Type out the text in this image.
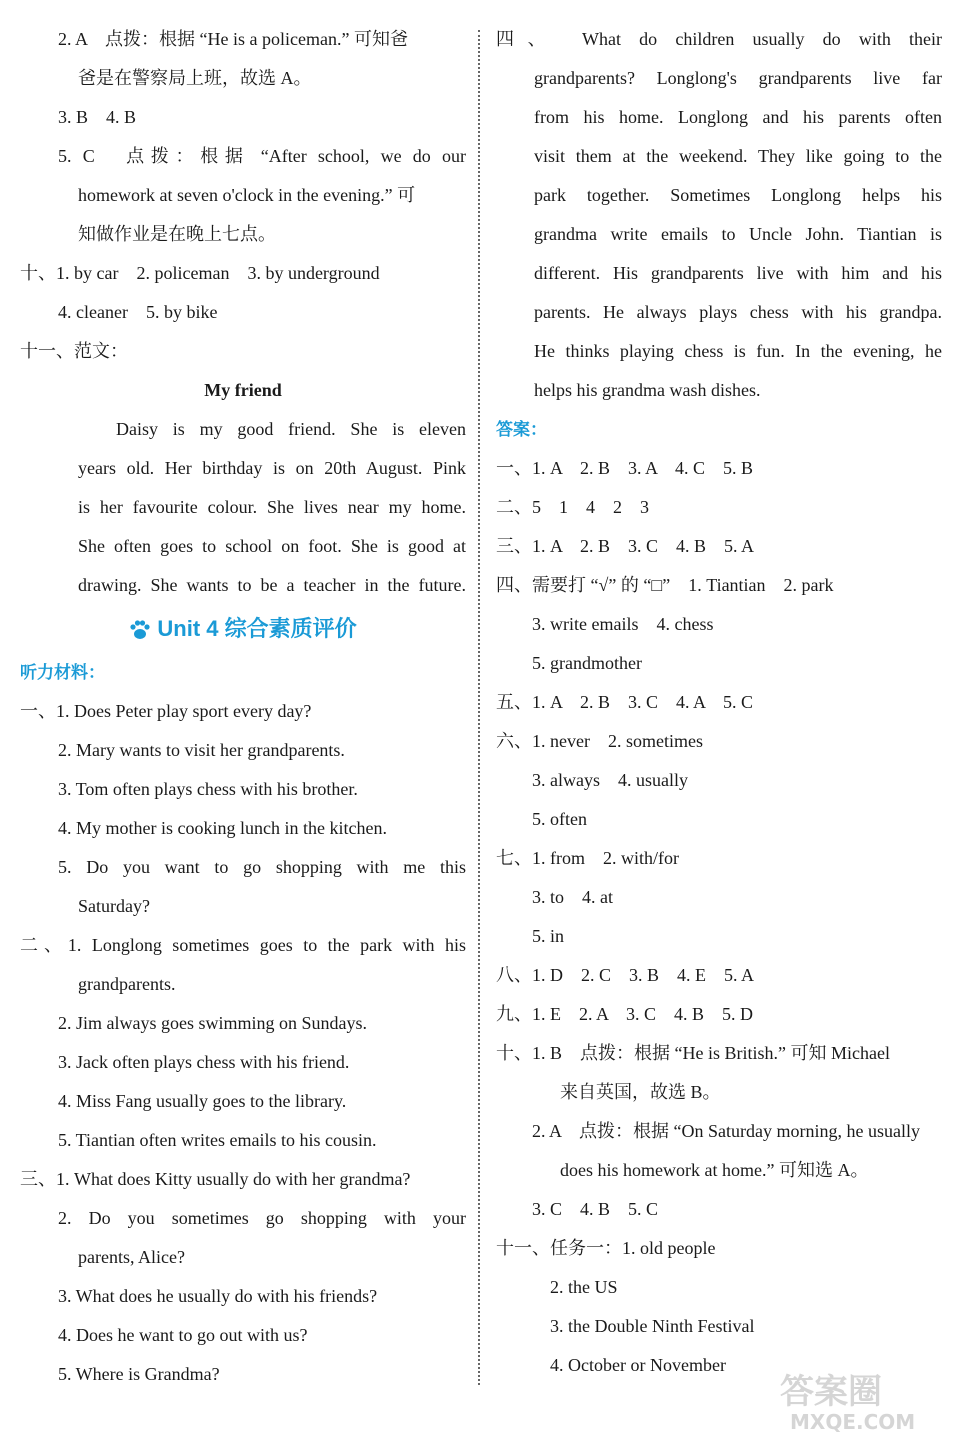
2. A　点拨：根据 “He is a policeman.” 可知爸
爸是在警察局上班，故选 A。
3. B　4. B
5. C　点拨：根据 “After school, we do our
homework at seven o'clock in the evening.” 可
知做作业是在晚上七点。
十、1. by car　2. policeman　3. by underground
4. cleaner　5. by bike
十一、范文：
My friend
Daisy is my good friend. She is eleven
years old. Her birthday is on 20th August. Pink
is her favourite colour. She lives near my home.
She often goes to school on foot. She is good at
drawing. She wants to be a teacher in the future.
Unit 4 综合素质评价
听力材料：
一、1. Does Peter play sport every day?
2. Mary wants to visit her grandparents.
3. Tom often plays chess with his brother.
4. My mother is cooking lunch in the kitchen.
5. Do you want to go shopping with me this
Saturday?
二、1. Longlong sometimes goes to the park with his
grandparents.
2. Jim always goes swimming on Sundays.
3. Jack often plays chess with his friend.
4. Miss Fang usually goes to the library.
5. Tiantian often writes emails to his cousin.
三、1. What does Kitty usually do with her grandma?
2. Do you sometimes go shopping with your
parents, Alice?
3. What does he usually do with his friends?
4. Does he want to go out with us?
5. Where is Grandma?
四、　What do children usually do with their
grandparents? Longlong's grandparents live far
from his home. Longlong and his parents often
visit them at the weekend. They like going to the
park together. Sometimes Longlong helps his
grandma write emails to Uncle John. Tiantian is
different. His grandparents live with him and his
parents. He always plays chess with his grandpa.
He thinks playing chess is fun. In the evening, he
helps his grandma wash dishes.
答案：
一、1. A　2. B　3. A　4. C　5. B
二、5　1　4　2　3
三、1. A　2. B　3. C　4. B　5. A
四、需要打 “√” 的 “□”　1. Tiantian　2. park
3. write emails　4. chess
5. grandmother
五、1. A　2. B　3. C　4. A　5. C
六、1. never　2. sometimes
3. always　4. usually
5. often
七、1. from　2. with/for
3. to　4. at
5. in
八、1. D　2. C　3. B　4. E　5. A
九、1. E　2. A　3. C　4. B　5. D
十、1. B　点拨：根据 “He is British.” 可知 Michael
来自英国，故选 B。
2. A　点拨：根据 “On Saturday morning, he usually
does his homework at home.” 可知选 A。
3. C　4. B　5. C
十一、任务一：1. old people
2. the US
3. the Double Ninth Festival
4. October or November
答案圈
MXQE.COM
